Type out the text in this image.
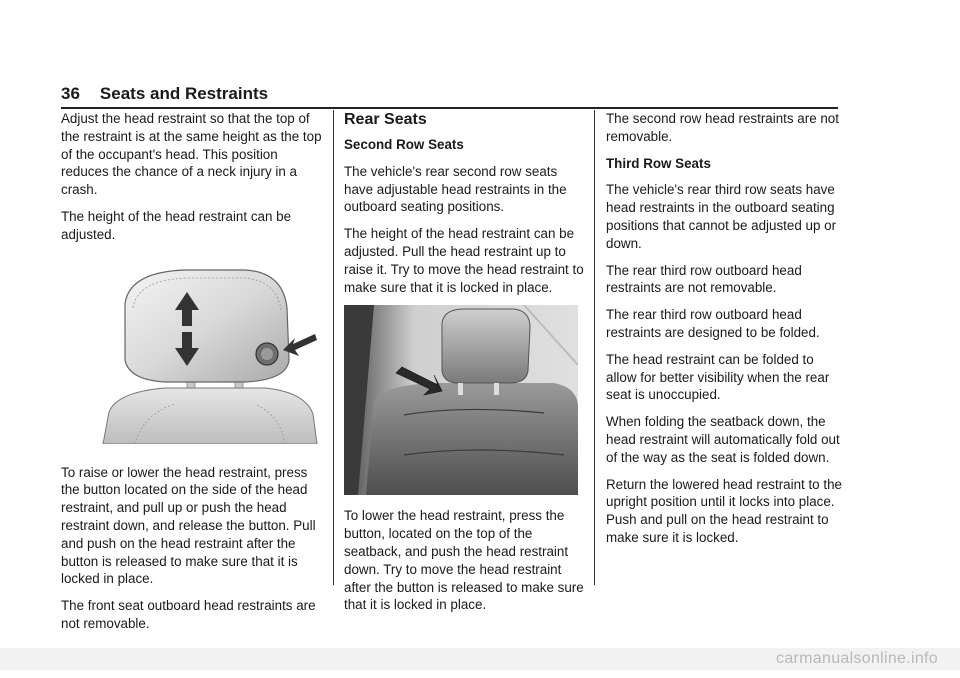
36 Seats and Restraints

Adjust the head restraint so that the top of the restraint is at the same height as the top of the occupant's head. This position reduces the chance of a neck injury in a crash.

The height of the head restraint can be adjusted.

To raise or lower the head restraint, press the button located on the side of the head restraint, and pull up or push the head restraint down, and release the button. Pull and push on the head restraint after the button is released to make sure that it is locked in place.

The front seat outboard head restraints are not removable.

Rear Seats
Second Row Seats

The vehicle's rear second row seats have adjustable head restraints in the outboard seating positions.

The height of the head restraint can be adjusted. Pull the head restraint up to raise it. Try to move the head restraint to make sure that it is locked in place.

To lower the head restraint, press the button, located on the top of the seatback, and push the head restraint down. Try to move the head restraint after the button is released to make sure that it is locked in place.

The second row head restraints are not removable.

Third Row Seats

The vehicle's rear third row seats have head restraints in the outboard seating positions that cannot be adjusted up or down.

The rear third row outboard head restraints are not removable.

The rear third row outboard head restraints are designed to be folded.

The head restraint can be folded to allow for better visibility when the rear seat is unoccupied.

When folding the seatback down, the head restraint will automatically fold out of the way as the seat is folded down.

Return the lowered head restraint to the upright position until it locks into place. Push and pull on the head restraint to make sure it is locked.

carmanualsonline.info
